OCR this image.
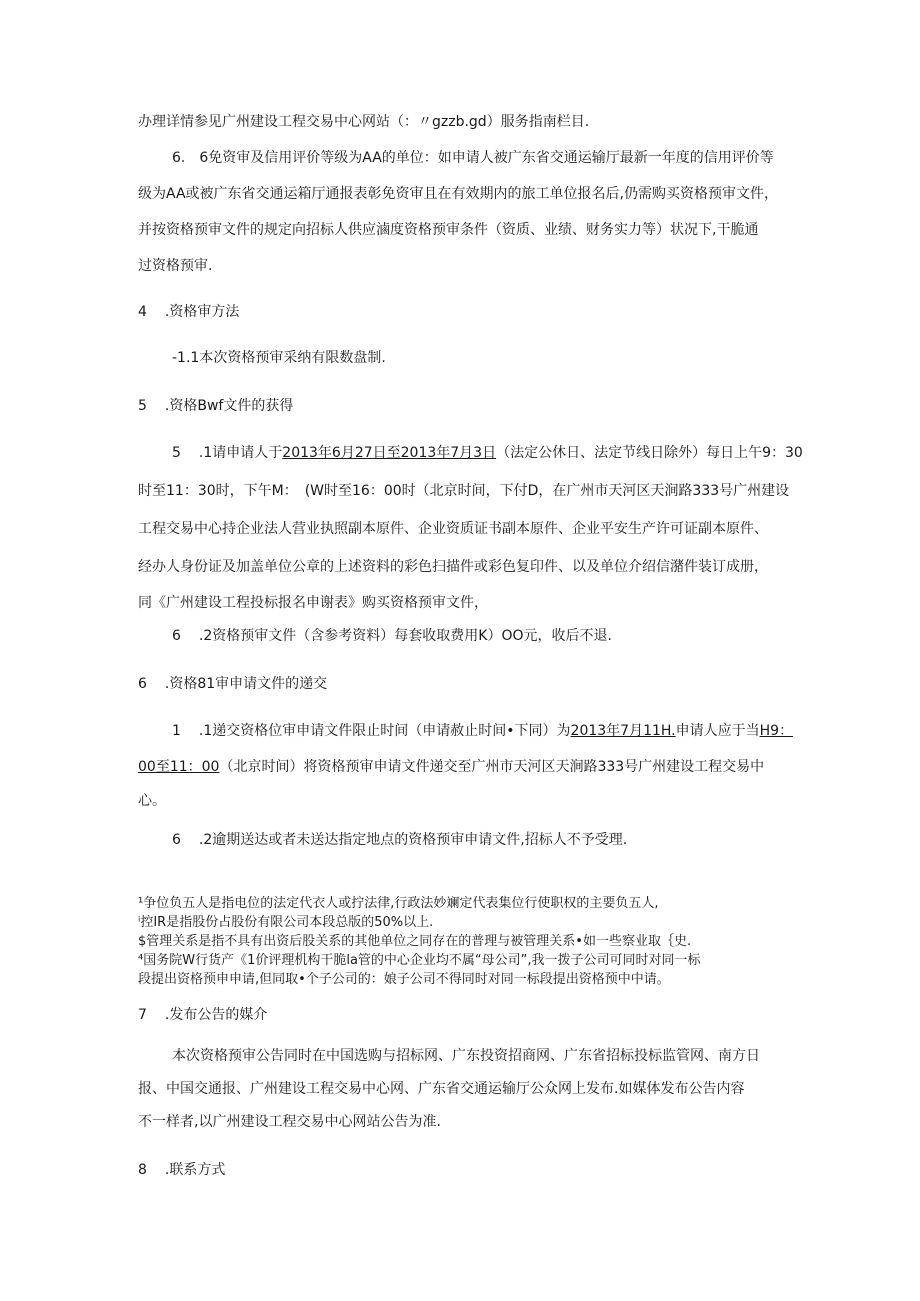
办理详情参见广州建设工程交易中心网站（：〃gzzb.gd）服务指南栏目.
6.　6免资审及信用评价等级为AA的单位：如申请人被广东省交通运输厅最新一年度的信用评价等
级为AA或被广东省交通运箱厅通报表彰免资审且在有效期内的旅工单位报名后,仍需购买资格预审文件，
并按资格预审文件的规定向招标人供应滷度资格预审条件（资质、业绩、财务实力等）状况下,干脆通
过资格预审.
4 .资格审方法
-1.1本次资格预审采纳有限数盘制.
5 .资格Bwf文件的获得
5 .1请申请人于2013年6月27日至2013年7月3日（法定公休日、法定节线日除外）每日上午9：30
时至11：30时，下午M：　(W时至16：00时（北京时间，下付D，在广州市天河区天涧路333号广州建设
工程交易中心持企业法人营业执照副本原件、企业资质证书副本原件、企业平安生产许可证副本原件、
经办人身份证及加盖单位公章的上述资料的彩色扫描件或彩色复印件、以及单位介绍信潴件装订成册，
同《广州建设工程投标报名申谢表》购买资格预审文件，
6 .2资格预审文件（含参考资料）每套收取费用K）OO元，收后不退.
6 .资格81审申请文件的递交
1 .1递交资格位审申请文件限止时间（申请赦止时间•下同）为2013年7月11H.申请人应于当H9：
00至11：00（北京时间）将资格预审申请文件递交至广州市天河区天涧路333号广州建设工程交易中
心。
6 .2逾期送达或者未送达指定地点的资格预审申请文件,招标人不予受理.
¹争位负五人是指电位的法定代衣人或拧法律,行政法妙斓定代表集位行使职权的主要负五人,
ⁱ控IR是指股份占股份有限公司本段总版的50%以上.
$管理关系是指不具有出资后股关系的其他单位之同存在的普理与被管理关系•如一些察业取｛史.
⁴国务院W行货产《1价评理机构干脆la管的中心企业均不属“母公司”,我一拨子公司可同时对同一标
段提出资格预申申请,但同取•个子公司的：娘子公司不得同时对同一标段提出资格预中中请。
7 .发布公告的媒介
本次资格预审公告同时在中国选购与招标网、广东投资招商网、广东省招标投标监管网、南方日
报、中国交通报、广州建设工程交易中心网、广东省交通运输厅公众网上发布.如媒体发布公告内容
不一样者,以广州建设工程交易中心网站公告为准.
8 .联系方式
